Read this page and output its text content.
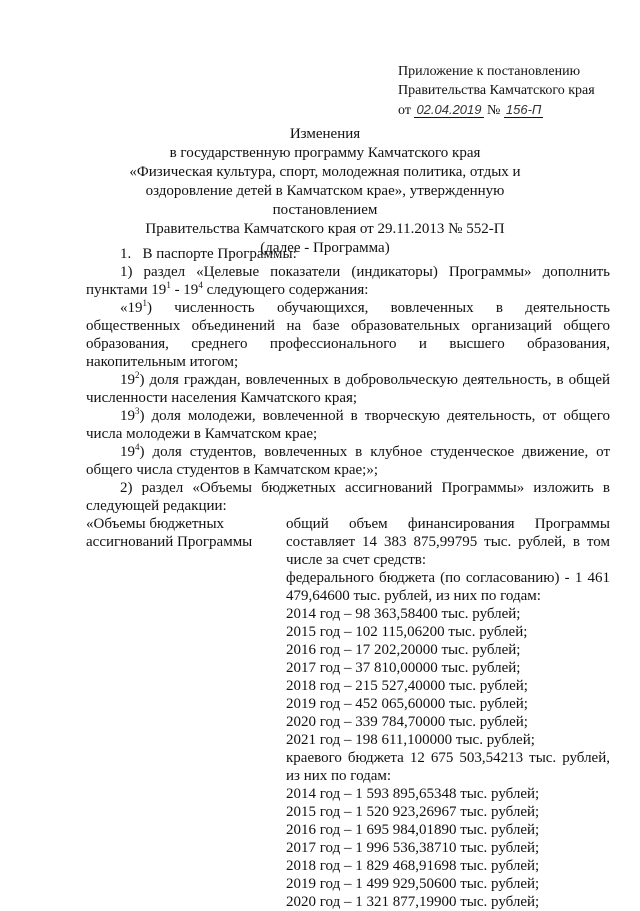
Приложение к постановлению
Правительства Камчатского края
от 02.04.2019 № 156-П
Изменения
в государственную программу Камчатского края
«Физическая культура, спорт, молодежная политика, отдых и
оздоровление детей в Камчатском крае», утвержденную постановлением
Правительства Камчатского края от 29.11.2013 № 552-П
(далее - Программа)

1.   В паспорте Программы:

1) раздел «Целевые показатели (индикаторы) Программы» дополнить пунктами $19^1 - 19^4$ следующего содержания:

«$19^1$) численность обучающихся, вовлеченных в деятельность общественных объединений на базе образовательных организаций общего образования, среднего профессионального и высшего образования, накопительным итогом;

$19^2$) доля граждан, вовлеченных в добровольческую деятельность, в общей численности населения Камчатского края;

$19^3$) доля молодежи, вовлеченной в творческую деятельность, от общего числа молодежи в Камчатском крае;

$19^4$) доля студентов, вовлеченных в клубное студенческое движение, от общего числа студентов в Камчатском крае;»;

2) раздел «Объемы бюджетных ассигнований Программы» изложить в следующей редакции:

«Объемы бюджетных ассигнований Программы

общий объем финансирования Программы составляет 14 383 875,99795 тыс. рублей, в том числе за счет средств:

федерального бюджета (по согласованию) - 1 461 479,64600 тыс. рублей, из них по годам:

2014 год – 98 363,58400 тыс. рублей;

2015 год – 102 115,06200 тыс. рублей;

2016 год – 17 202,20000 тыс. рублей;

2017 год – 37 810,00000 тыс. рублей;

2018 год – 215 527,40000 тыс. рублей;

2019 год – 452 065,60000 тыс. рублей;

2020 год – 339 784,70000 тыс. рублей;

2021 год – 198 611,100000 тыс. рублей;

краевого бюджета 12 675 503,54213 тыс. рублей, из них по годам:

2014 год – 1 593 895,65348 тыс. рублей;

2015 год – 1 520 923,26967 тыс. рублей;

2016 год – 1 695 984,01890 тыс. рублей;

2017 год – 1 996 536,38710 тыс. рублей;

2018 год – 1 829 468,91698 тыс. рублей;

2019 год – 1 499 929,50600 тыс. рублей;

2020 год – 1 321 877,19900 тыс. рублей;
